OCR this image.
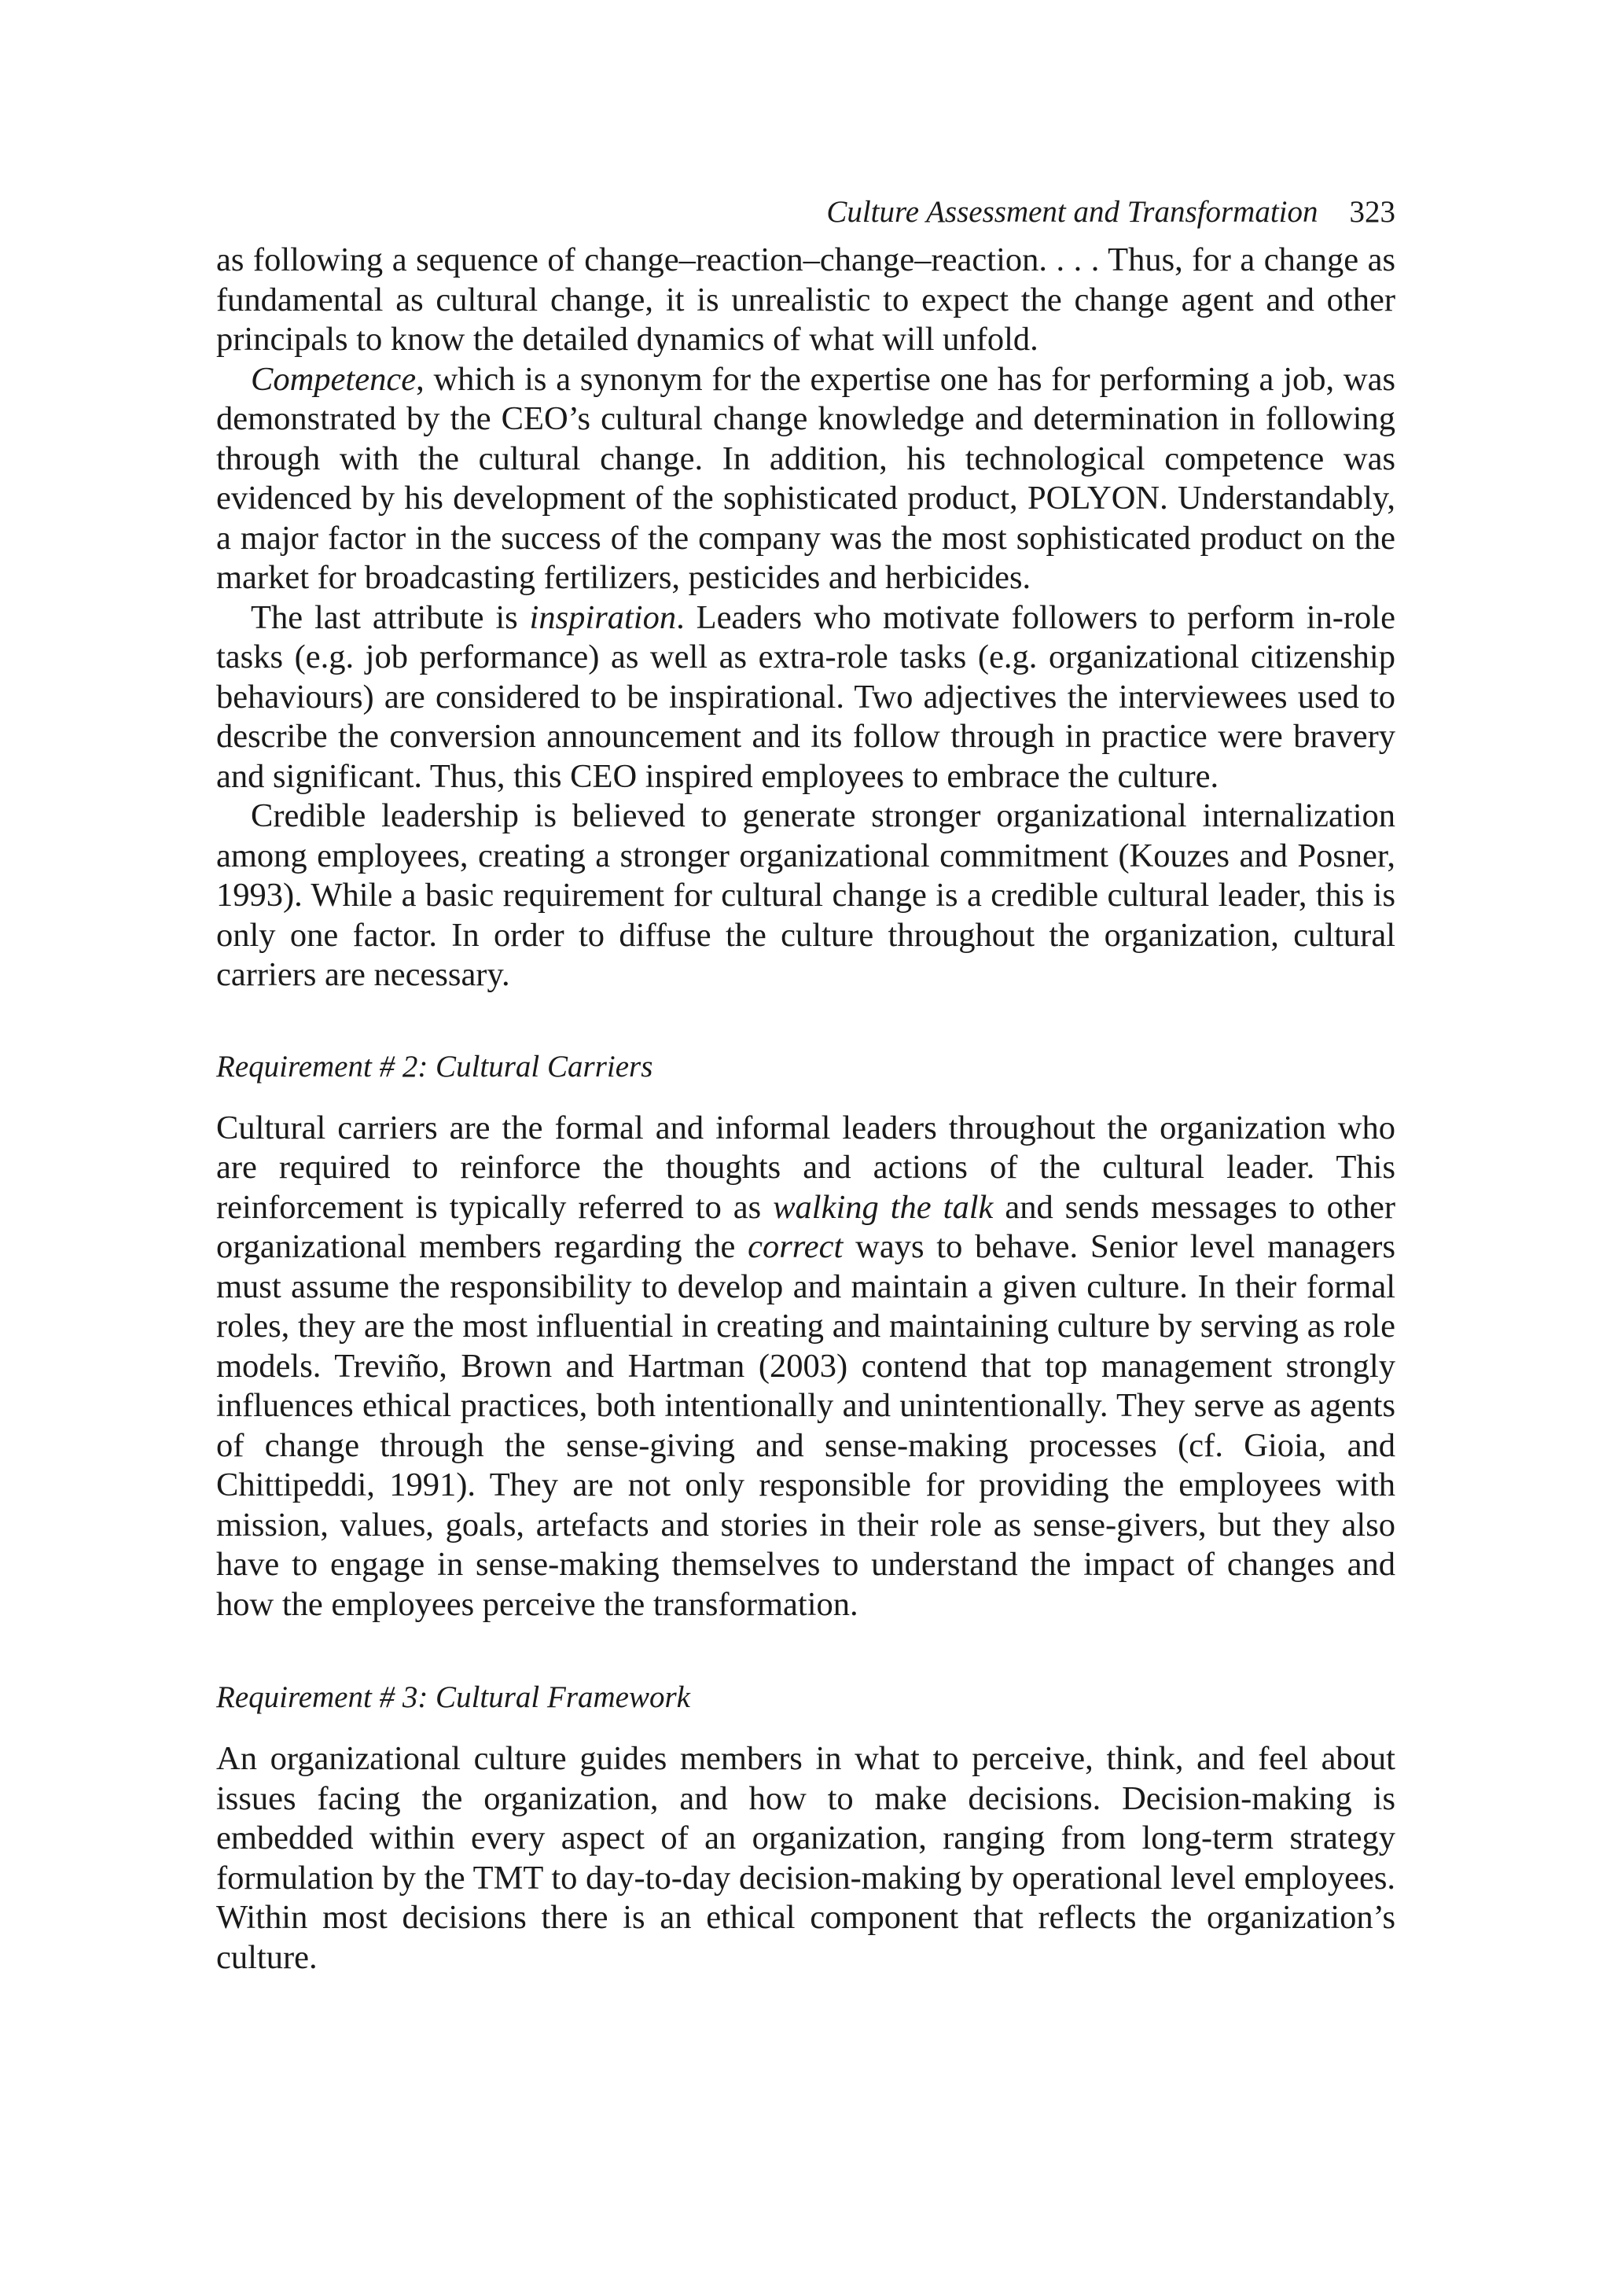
Culture Assessment and Transformation 323

as following a sequence of change–reaction–change–reaction. . . . Thus, for a change as fundamental as cultural change, it is unrealistic to expect the change agent and other principals to know the detailed dynamics of what will unfold.

Competence, which is a synonym for the expertise one has for performing a job, was demonstrated by the CEO’s cultural change knowledge and determination in following through with the cultural change. In addition, his technological competence was evidenced by his development of the sophisticated product, POLYON. Understandably, a major factor in the success of the company was the most sophisticated product on the market for broadcasting fertilizers, pesticides and herbicides.

The last attribute is inspiration. Leaders who motivate followers to perform in-role tasks (e.g. job performance) as well as extra-role tasks (e.g. organizational citizenship behaviours) are considered to be inspirational. Two adjectives the interviewees used to describe the conversion announcement and its follow through in practice were bravery and significant. Thus, this CEO inspired employees to embrace the culture.

Credible leadership is believed to generate stronger organizational internalization among employees, creating a stronger organizational commitment (Kouzes and Posner, 1993). While a basic requirement for cultural change is a credible cultural leader, this is only one factor. In order to diffuse the culture throughout the organization, cultural carriers are necessary.

Requirement # 2: Cultural Carriers

Cultural carriers are the formal and informal leaders throughout the organization who are required to reinforce the thoughts and actions of the cultural leader. This reinforcement is typically referred to as walking the talk and sends messages to other organizational members regarding the correct ways to behave. Senior level managers must assume the responsibility to develop and maintain a given culture. In their formal roles, they are the most influential in creating and maintaining culture by serving as role models. Treviño, Brown and Hartman (2003) contend that top management strongly influences ethical practices, both intentionally and unintentionally. They serve as agents of change through the sense-giving and sense-making processes (cf. Gioia, and Chittipeddi, 1991). They are not only responsible for providing the employees with mission, values, goals, artefacts and stories in their role as sense-givers, but they also have to engage in sense-making themselves to understand the impact of changes and how the employees perceive the transformation.

Requirement # 3: Cultural Framework

An organizational culture guides members in what to perceive, think, and feel about issues facing the organization, and how to make decisions. Decision-making is embedded within every aspect of an organization, ranging from long-term strategy formulation by the TMT to day-to-day decision-making by operational level employees. Within most decisions there is an ethical component that reflects the organization’s culture.
